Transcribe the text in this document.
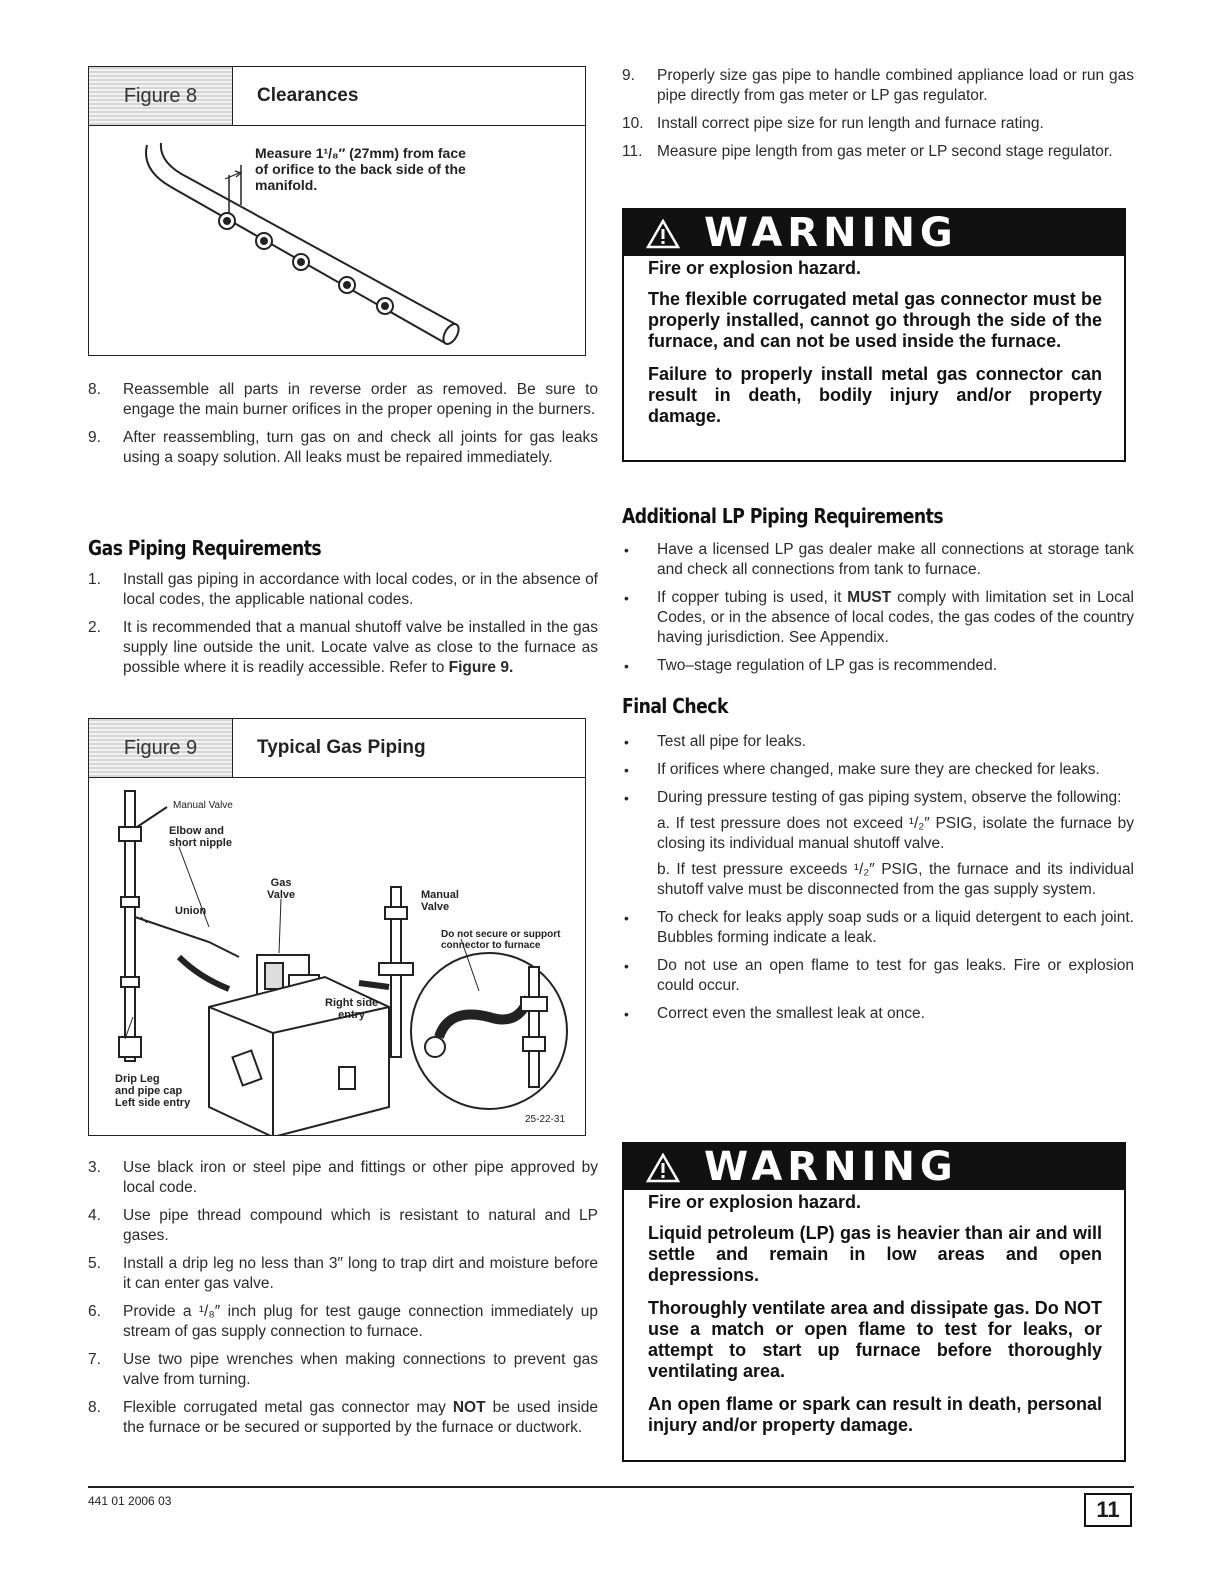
Figure 8	Clearances
Measure 1¹/₈″ (27mm) from face
of orifice to the back side of the
manifold.
8. Reassemble all parts in reverse order as removed. Be sure to engage the main burner orifices in the proper opening in the burners.
9. After reassembling, turn gas on and check all joints for gas leaks using a soapy solution. All leaks must be repaired immediately.
Gas Piping Requirements
1. Install gas piping in accordance with local codes, or in the absence of local codes, the applicable national codes.
2. It is recommended that a manual shutoff valve be installed in the gas supply line outside the unit. Locate valve as close to the furnace as possible where it is readily accessible. Refer to Figure 9.
Figure 9	Typical Gas Piping
Manual Valve
Elbow and
short nipple
Gas
Valve	Manual
Valve
Union
Do not secure or support
connector to furnace
Right side
entry
Drip Leg
and pipe cap
Left side entry
25-22-31
3. Use black iron or steel pipe and fittings or other pipe approved by local code.
4. Use pipe thread compound which is resistant to natural and LP gases.
5. Install a drip leg no less than 3″ long to trap dirt and moisture before it can enter gas valve.
6. Provide a ¹/₈″ inch plug for test gauge connection immediately up stream of gas supply connection to furnace.
7. Use two pipe wrenches when making connections to prevent gas valve from turning.
8. Flexible corrugated metal gas connector may NOT be used inside the furnace or be secured or supported by the furnace or ductwork.
9. Properly size gas pipe to handle combined appliance load or run gas pipe directly from gas meter or LP gas regulator.
10. Install correct pipe size for run length and furnace rating.
11. Measure pipe length from gas meter or LP second stage regulator.
WARNING

Fire or explosion hazard.

The flexible corrugated metal gas connector must be properly installed, cannot go through the side of the furnace, and can not be used inside the furnace.

Failure to properly install metal gas connector can result in death, bodily injury and/or property damage.

Additional LP Piping Requirements
• Have a licensed LP gas dealer make all connections at storage tank and check all connections from tank to furnace.
• If copper tubing is used, it MUST comply with limitation set in Local Codes, or in the absence of local codes, the gas codes of the country having jurisdiction. See Appendix.
• Two–stage regulation of LP gas is recommended.
Final Check
• Test all pipe for leaks.
• If orifices where changed, make sure they are checked for leaks.
• During pressure testing of gas piping system, observe the following:
a. If test pressure does not exceed ¹/₂″ PSIG, isolate the furnace by closing its individual manual shutoff valve.
b. If test pressure exceeds ¹/₂″ PSIG, the furnace and its individual shutoff valve must be disconnected from the gas supply system.
• To check for leaks apply soap suds or a liquid detergent to each joint. Bubbles forming indicate a leak.
• Do not use an open flame to test for gas leaks. Fire or explosion could occur.
• Correct even the smallest leak at once.
WARNING

Fire or explosion hazard.

Liquid petroleum (LP) gas is heavier than air and will settle and remain in low areas and open depressions.

Thoroughly ventilate area and dissipate gas. Do NOT use a match or open flame to test for leaks, or attempt to start up furnace before thoroughly ventilating area.

An open flame or spark can result in death, personal injury and/or property damage.

441 01 2006 03	11
